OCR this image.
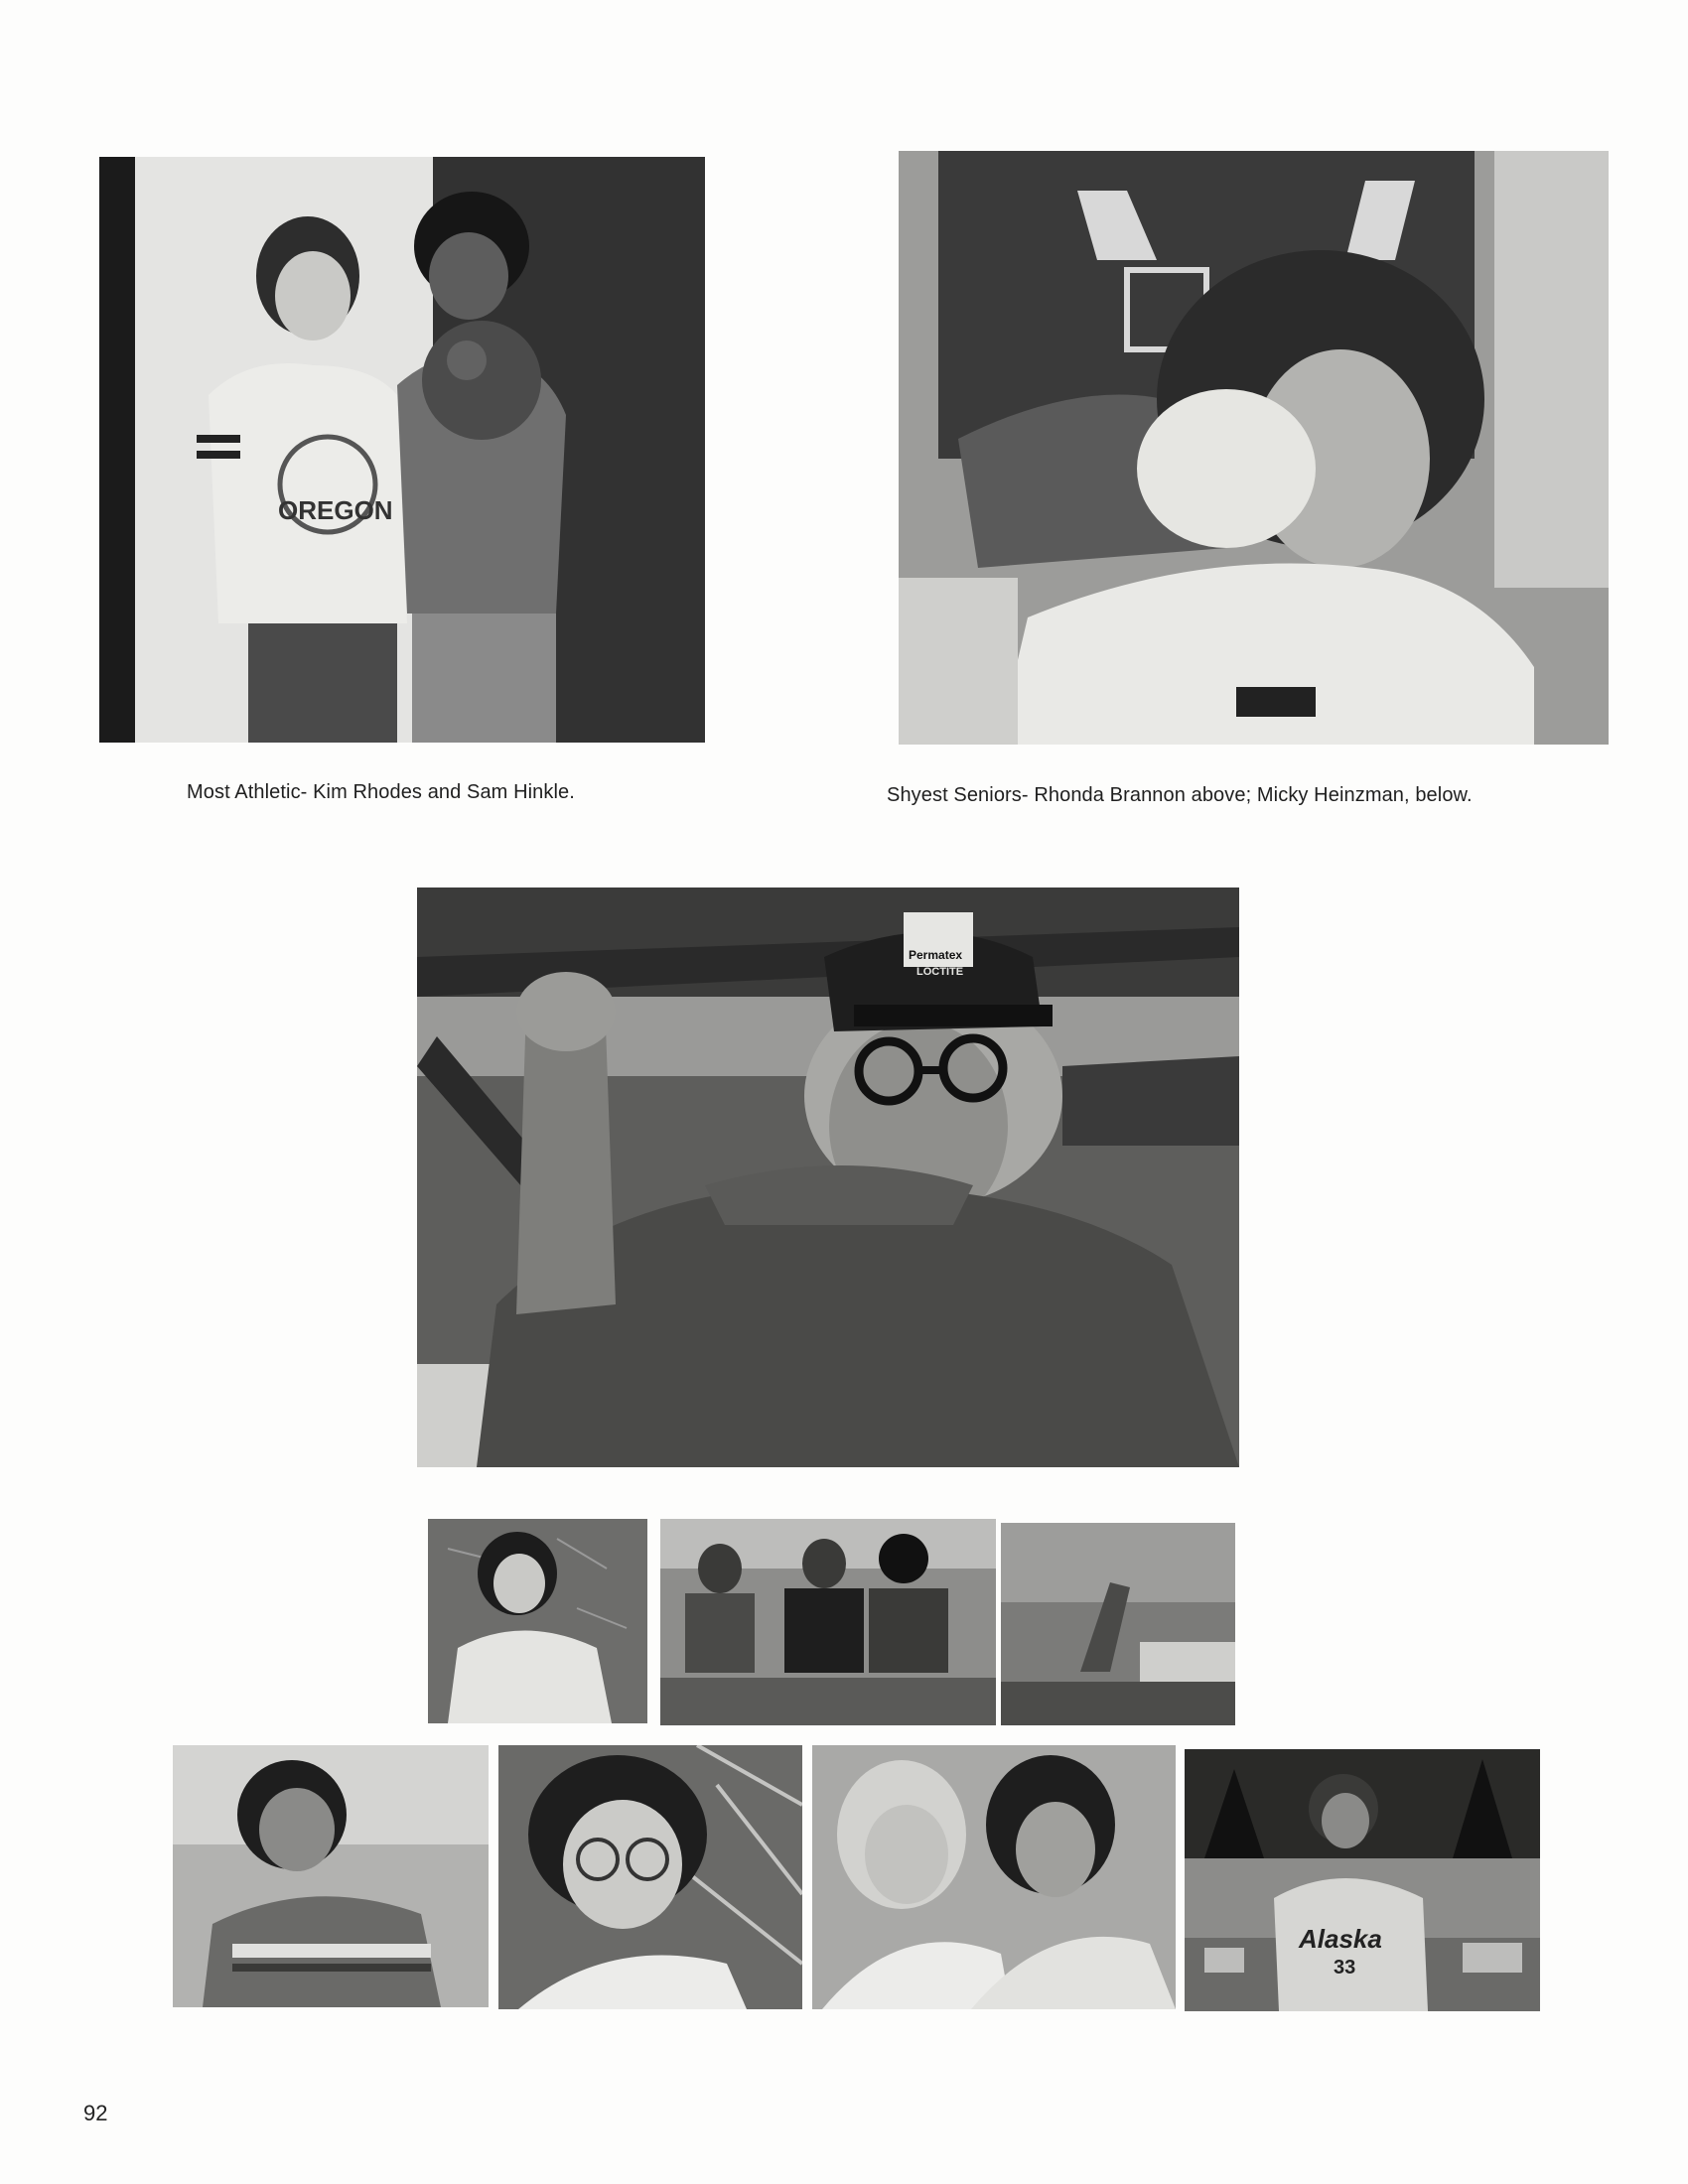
OREGON
Most Athletic- Kim Rhodes and Sam Hinkle.	Shyest Seniors- Rhonda Brannon above; Micky Heinzman, below.
Permatex
LOCTITE
Alaska
33
92
